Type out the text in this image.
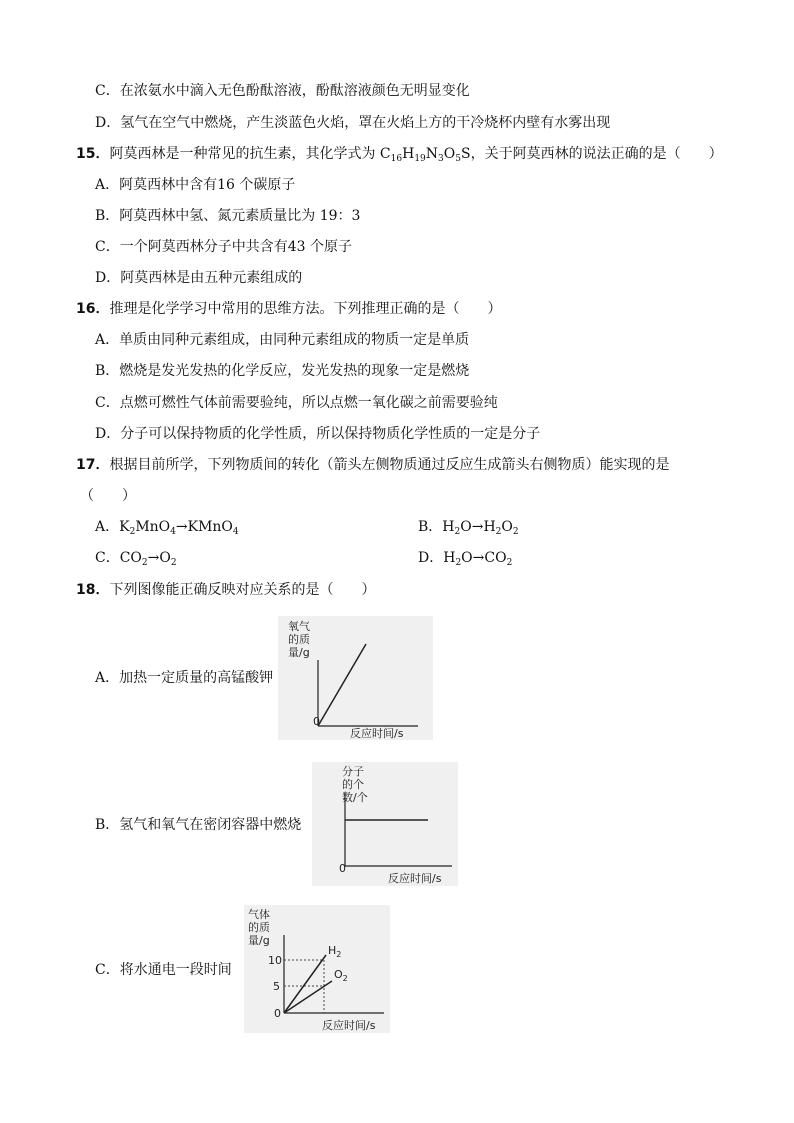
C．在浓氨水中滴入无色酚酞溶液，酚酞溶液颜色无明显变化
D．氢气在空气中燃烧，产生淡蓝色火焰，罩在火焰上方的干冷烧杯内壁有水雾出现
15．阿莫西林是一种常见的抗生素，其化学式为 $C_{16}H_{19}N_3O_5S$，关于阿莫西林的说法正确的是（　　）
A．阿莫西林中含有16 个碳原子
B．阿莫西林中氢、氮元素质量比为 19：3
C．一个阿莫西林分子中共含有43 个原子
D．阿莫西林是由五种元素组成的
16．推理是化学学习中常用的思维方法。下列推理正确的是（　　）
A．单质由同种元素组成，由同种元素组成的物质一定是单质
B．燃烧是发光发热的化学反应，发光发热的现象一定是燃烧
C．点燃可燃性气体前需要验纯，所以点燃一氧化碳之前需要验纯
D．分子可以保持物质的化学性质，所以保持物质化学性质的一定是分子
17．根据目前所学，下列物质间的转化（箭头左侧物质通过反应生成箭头右侧物质）能实现的是
（　　）
A．$K_2MnO_4\to KMnO_4$	B．$H_2O\to H_2O_2$
C．$CO_2\to O_2$	D．$H_2O\to CO_2$
18．下列图像能正确反映对应关系的是（　　）
A．加热一定质量的高锰酸钾
氧气
的质
量/g
0
反应时间/s
B．氢气和氧气在密闭容器中燃烧
分子
的个
数/个
0
反应时间/s
C．将水通电一段时间
气体
的质
量/g
10
5
0
$H_2$
$O_2$
反应时间/s
